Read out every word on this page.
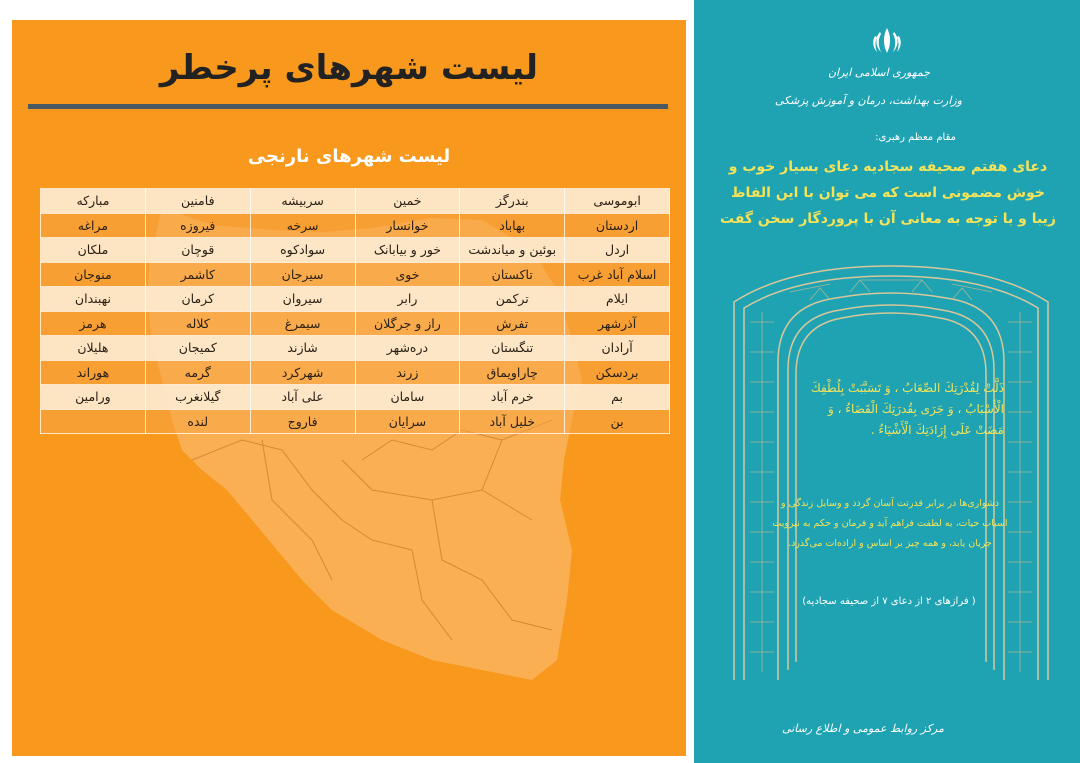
لیست شهرهای پرخطر
لیست شهرهای نارنجی
ابوموسی	بندرگز	خمین	سربیشه	فامنین	مبارکه
اردستان	بهاباد	خوانسار	سرخه	فیروزه	مراغه
اردل	بوئین و میاندشت	خور و بیابانک	سوادکوه	قوچان	ملکان
اسلام آباد غرب	تاکستان	خوی	سیرجان	کاشمر	منوجان
ایلام	ترکمن	رابر	سیروان	کرمان	نهبندان
آذرشهر	تفرش	راز و جرگلان	سیمرغ	کلاله	هرمز
آرادان	تنگستان	دره‌شهر	شازند	کمیجان	هلیلان
بردسکن	چاراویماق	زرند	شهرکرد	گرمه	هوراند
بم	خرم آباد	سامان	علی آباد	گیلانغرب	ورامین
بن	خلیل آباد	سرایان	فاروج	لنده	
جمهوری اسلامی ایران
وزارت بهداشت، درمان و آموزش پزشکی
مقام معظم رهبری:
دعای هفتم صحیفه سجادیه دعای بسیار خوب و خوش مضمونی است که می توان با این الفاظ زیبا و با توجه به معانی آن با پروردگار سخن گفت
ذَلَّتْ لِقُدْرَتِكَ الصِّعَابُ ، وَ تَسَبَّبَتْ بِلُطْفِكَ الْأَسْبَابُ ، وَ جَرَى بِقُدرَتِكَ الْقَضَاءُ ، وَ مَضَتْ عَلَى إِرَادَتِكَ الْأَشْيَاءُ .
دشواری‌ها در برابر قدرتت آسان گردد و وسایل زندگی و اسباب حیات، به لطفت فراهم آید و فرمان و حکم به نیرویت جریان یابد، و همه چیز بر اساس و اراده‌ات می‌گذرد.
( فرازهای ۲ از دعای ۷ از صحیفه سجادیه)
مرکز روابط عمومی و اطلاع رسانی
